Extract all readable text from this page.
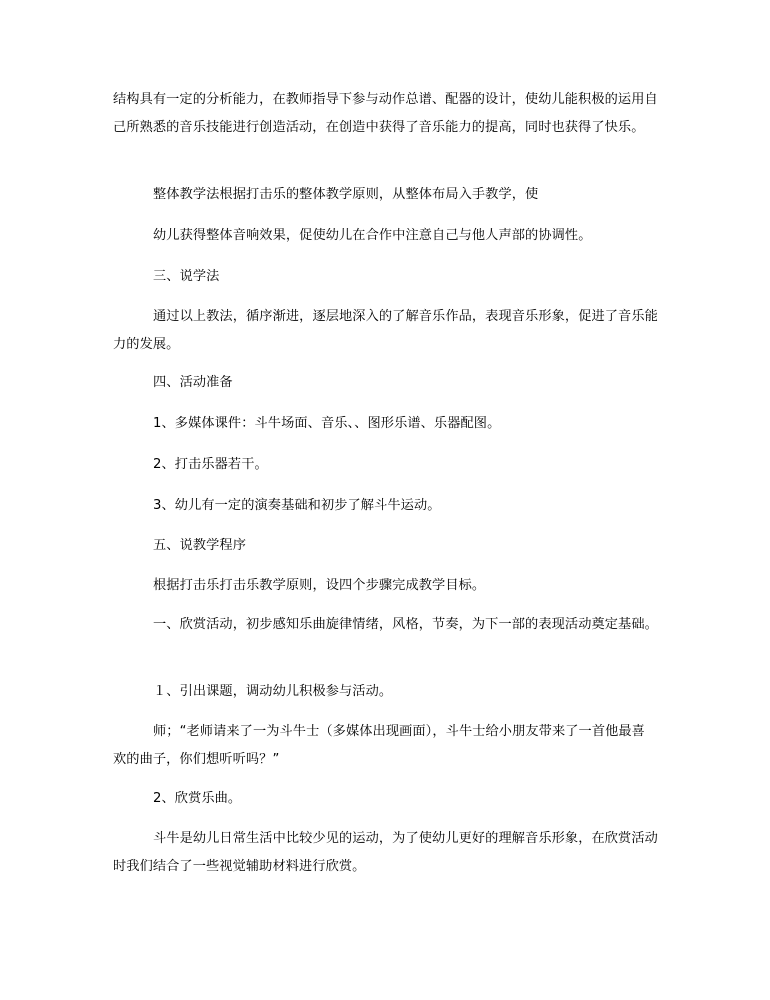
结构具有一定的分析能力，在教师指导下参与动作总谱、配器的设计，使幼儿能积极的运用自己所熟悉的音乐技能进行创造活动，在创造中获得了音乐能力的提高，同时也获得了快乐。

整体教学法根据打击乐的整体教学原则，从整体布局入手教学，使

幼儿获得整体音响效果，促使幼儿在合作中注意自己与他人声部的协调性。

三、说学法

通过以上教法，循序渐进，逐层地深入的了解音乐作品，表现音乐形象，促进了音乐能力的发展。

四、活动准备

1、多媒体课件：斗牛场面、音乐、、图形乐谱、乐器配图。

2、打击乐器若干。

3、幼儿有一定的演奏基础和初步了解斗牛运动。

五、说教学程序

根据打击乐打击乐教学原则，设四个步骤完成教学目标。

一、欣赏活动，初步感知乐曲旋律情绪，风格，节奏，为下一部的表现活动奠定基础。

１、引出课题，调动幼儿积极参与活动。

师；“老师请来了一为斗牛士（多媒体出现画面），斗牛士给小朋友带来了一首他最喜欢的曲子，你们想听听吗？”

2、欣赏乐曲。

斗牛是幼儿日常生活中比较少见的运动，为了使幼儿更好的理解音乐形象，在欣赏活动时我们结合了一些视觉辅助材料进行欣赏。
